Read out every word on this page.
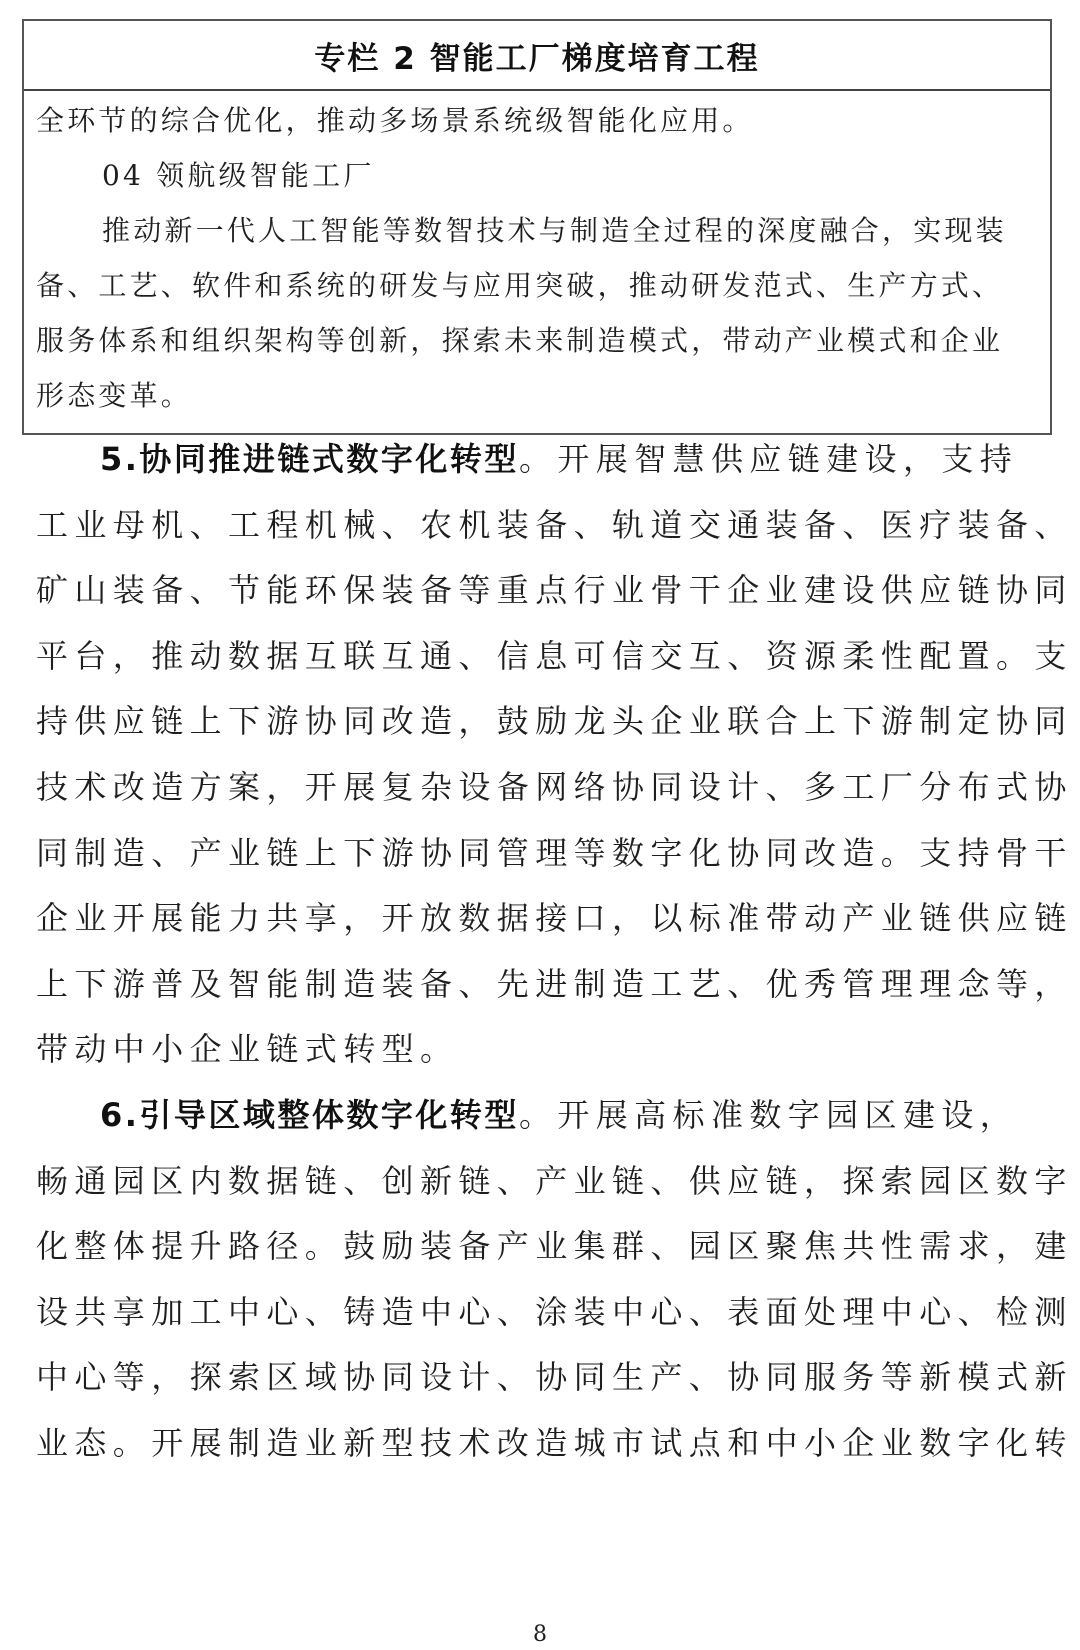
专栏 2 智能工厂梯度培育工程
全环节的综合优化，推动多场景系统级智能化应用。
04 领航级智能工厂
推动新一代人工智能等数智技术与制造全过程的深度融合，实现装
备、工艺、软件和系统的研发与应用突破，推动研发范式、生产方式、
服务体系和组织架构等创新，探索未来制造模式，带动产业模式和企业
形态变革。
5.协同推进链式数字化转型。开展智慧供应链建设，支持
工业母机、工程机械、农机装备、轨道交通装备、医疗装备、
矿山装备、节能环保装备等重点行业骨干企业建设供应链协同
平台，推动数据互联互通、信息可信交互、资源柔性配置。支
持供应链上下游协同改造，鼓励龙头企业联合上下游制定协同
技术改造方案，开展复杂设备网络协同设计、多工厂分布式协
同制造、产业链上下游协同管理等数字化协同改造。支持骨干
企业开展能力共享，开放数据接口，以标准带动产业链供应链
上下游普及智能制造装备、先进制造工艺、优秀管理理念等，
带动中小企业链式转型。
6.引导区域整体数字化转型。开展高标准数字园区建设，
畅通园区内数据链、创新链、产业链、供应链，探索园区数字
化整体提升路径。鼓励装备产业集群、园区聚焦共性需求，建
设共享加工中心、铸造中心、涂装中心、表面处理中心、检测
中心等，探索区域协同设计、协同生产、协同服务等新模式新
业态。开展制造业新型技术改造城市试点和中小企业数字化转
8
